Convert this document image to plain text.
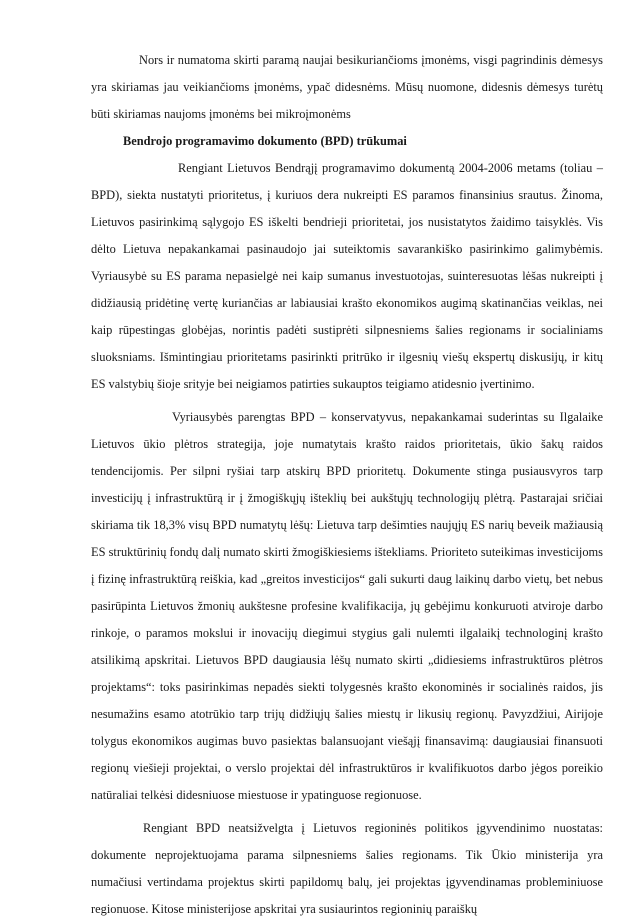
Nors ir numatoma skirti paramą naujai besikuriančioms įmonėms, visgi pagrindinis dėmesys yra skiriamas jau veikiančioms įmonėms, ypač didesnėms. Mūsų nuomone, didesnis dėmesys turėtų būti skiriamas naujoms įmonėms bei mikroįmonėms

Bendrojo programavimo dokumento (BPD) trūkumai

Rengiant Lietuvos Bendrąjį programavimo dokumentą 2004-2006 metams (toliau – BPD), siekta nustatyti prioritetus, į kuriuos dera nukreipti ES paramos finansinius srautus. Žinoma, Lietuvos pasirinkimą sąlygojo ES iškelti bendrieji prioritetai, jos nusistatytos žaidimo taisyklės. Vis dėlto Lietuva nepakankamai pasinaudojo jai suteiktomis savarankiško pasirinkimo galimybėmis. Vyriausybė su ES parama nepasielgė nei kaip sumanus investuotojas, suinteresuotas lėšas nukreipti į didžiausią pridėtinę vertę kuriančias ar labiausiai krašto ekonomikos augimą skatinančias veiklas, nei kaip rūpestingas globėjas, norintis padėti sustiprėti silpnesniems šalies regionams ir socialiniams sluoksniams. Išmintingiau prioritetams pasirinkti pritrūko ir ilgesnių viešų ekspertų diskusijų, ir kitų ES valstybių šioje srityje bei neigiamos patirties sukauptos teigiamo atidesnio įvertinimo.

Vyriausybės parengtas BPD – konservatyvus, nepakankamai suderintas su Ilgalaike Lietuvos ūkio plėtros strategija, joje numatytais krašto raidos prioritetais, ūkio šakų raidos tendencijomis. Per silpni ryšiai tarp atskirų BPD prioritetų. Dokumente stinga pusiausvyros tarp investicijų į infrastruktūrą ir į žmogiškųjų išteklių bei aukštųjų technologijų plėtrą. Pastarajai sričiai skiriama tik 18,3% visų BPD numatytų lėšų: Lietuva tarp dešimties naujųjų ES narių beveik mažiausią ES struktūrinių fondų dalį numato skirti žmogiškiesiems ištekliams. Prioriteto suteikimas investicijoms į fizinę infrastruktūrą reiškia, kad „greitos investicijos“ gali sukurti daug laikinų darbo vietų, bet nebus pasirūpinta Lietuvos žmonių aukštesne profesine kvalifikacija, jų gebėjimu konkuruoti atviroje darbo rinkoje, o paramos mokslui ir inovacijų diegimui stygius gali nulemti ilgalaikį technologinį krašto atsilikimą apskritai. Lietuvos BPD daugiausia lėšų numato skirti „didiesiems infrastruktūros plėtros projektams“: toks pasirinkimas nepadės siekti tolygesnės krašto ekonominės ir socialinės raidos, jis nesumažins esamo atotrūkio tarp trijų didžiųjų šalies miestų ir likusių regionų. Pavyzdžiui, Airijoje tolygus ekonomikos augimas buvo pasiektas balansuojant viešąjį finansavimą: daugiausiai finansuoti regionų viešieji projektai, o verslo projektai dėl infrastruktūros ir kvalifikuotos darbo jėgos poreikio natūraliai telkėsi didesniuose miestuose ir ypatinguose regionuose.

Rengiant BPD neatsižvelgta į Lietuvos regioninės politikos įgyvendinimo nuostatas: dokumente neprojektuojama parama silpnesniems šalies regionams. Tik Ūkio ministerija yra numačiusi vertindama projektus skirti papildomų balų, jei projektas įgyvendinamas probleminiuose regionuose. Kitose ministerijose apskritai yra susiaurintos regioninių paraiškų
